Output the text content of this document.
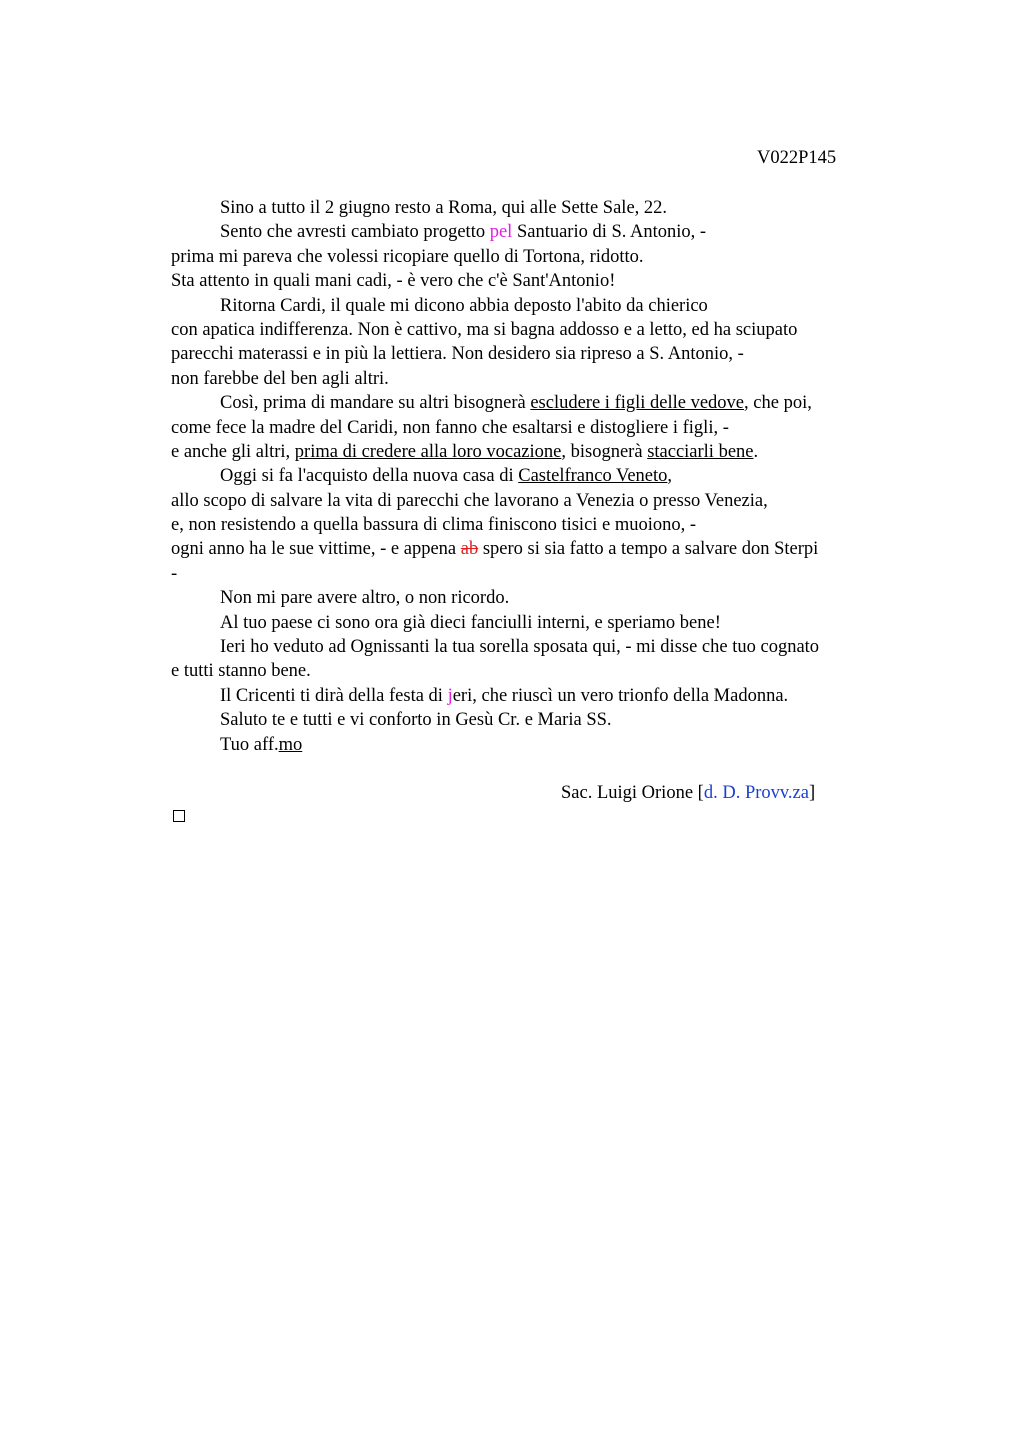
V022P145
Sino a tutto il 2 giugno resto a Roma, qui alle Sette Sale, 22.
Sento che avresti cambiato progetto pel Santuario di S. Antonio, -
prima mi pareva che volessi ricopiare quello di Tortona, ridotto.
Sta attento in quali mani cadi, - è vero che c'è Sant'Antonio!
Ritorna Cardi, il quale mi dicono abbia deposto l'abito da chierico
con apatica indifferenza. Non è cattivo, ma si bagna addosso e a letto, ed ha sciupato
parecchi materassi e in più la lettiera. Non desidero sia ripreso a S. Antonio, -
non farebbe del ben agli altri.
Così, prima di mandare su altri bisognerà escludere i figli delle vedove, che poi,
come fece la madre del Caridi, non fanno che esaltarsi e distogliere i figli, -
e anche gli altri, prima di credere alla loro vocazione, bisognerà stacciarli bene.
Oggi si fa l'acquisto della nuova casa di Castelfranco Veneto,
allo scopo di salvare la vita di parecchi che lavorano a Venezia o presso Venezia,
e, non resistendo a quella bassura di clima finiscono tisici e muoiono, -
ogni anno ha le sue vittime, - e appena ab spero si sia fatto a tempo a salvare don Sterpi
-
Non mi pare avere altro, o non ricordo.
Al tuo paese ci sono ora già dieci fanciulli interni, e speriamo bene!
Ieri ho veduto ad Ognissanti la tua sorella sposata qui, - mi disse che tuo cognato
e tutti stanno bene.
Il Cricenti ti dirà della festa di jeri, che riuscì un vero trionfo della Madonna.
Saluto te e tutti e vi conforto in Gesù Cr. e Maria SS.
Tuo aff.mo
Sac. Luigi Orione [d. D. Provv.za]
